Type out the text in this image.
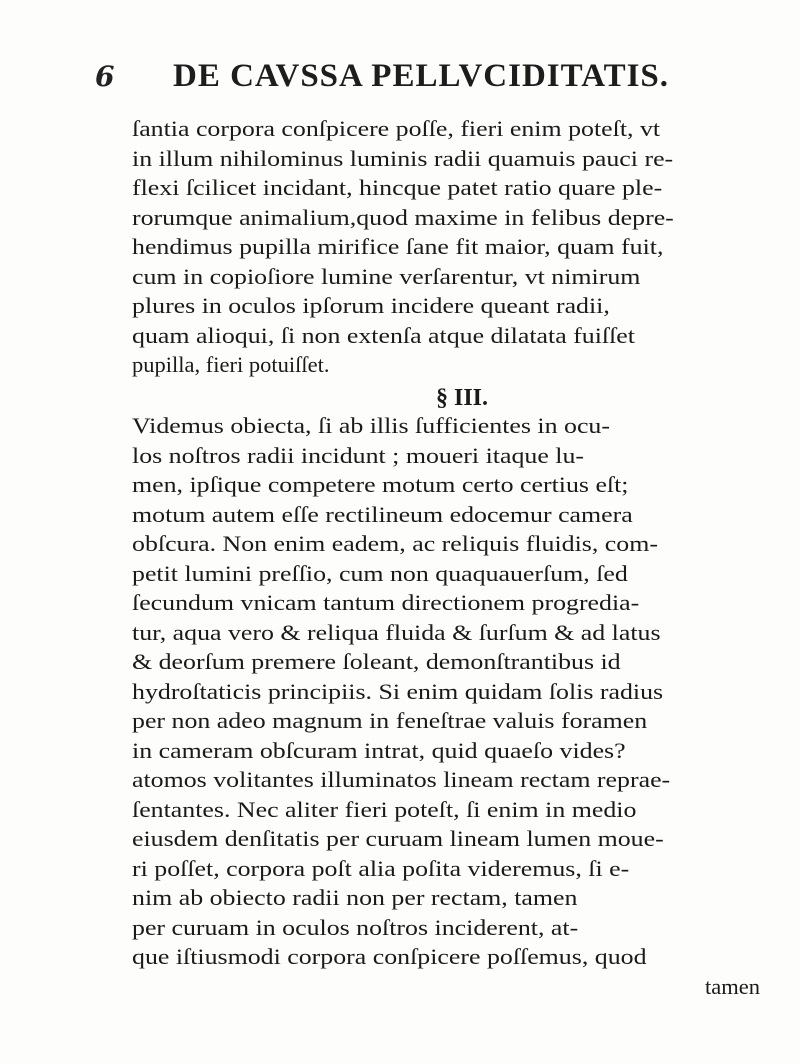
6 DE CAVSSA PELLVCIDITATIS.
ſantia corpora conſpicere poſſe, fieri enim poteſt, vt
in illum nihilominus luminis radii quamuis pauci re-
flexi ſcilicet incidant, hincque patet ratio quare ple-
rorumque animalium,quod maxime in felibus depre-
hendimus pupilla mirifice ſane fit maior, quam fuit,
cum in copioſiore lumine verſarentur, vt nimirum
plures in oculos ipſorum incidere queant radii,
quam alioqui, ſi non extenſa atque dilatata fuiſſet
pupilla, fieri potuiſſet.
§ III.
Videmus obiecta, ſi ab illis ſufficientes in ocu-
los noſtros radii incidunt ; moueri itaque lu-
men, ipſique competere motum certo certius eſt;
motum autem eſſe rectilineum edocemur camera
obſcura. Non enim eadem, ac reliquis fluidis, com-
petit lumini preſſio, cum non quaquauerſum, ſed
ſecundum vnicam tantum directionem progredia-
tur, aqua vero & reliqua fluida & ſurſum & ad latus
& deorſum premere ſoleant, demonſtrantibus id
hydroſtaticis principiis. Si enim quidam ſolis radius
per non adeo magnum in feneſtrae valuis foramen
in cameram obſcuram intrat, quid quaeſo vides?
atomos volitantes illuminatos lineam rectam reprae-
ſentantes. Nec aliter fieri poteſt, ſi enim in medio
eiusdem denſitatis per curuam lineam lumen moue-
ri poſſet, corpora poſt alia poſita videremus, ſi e-
nim ab obiecto radii non per rectam, tamen
per curuam in oculos noſtros inciderent, at-
que iſtiusmodi corpora conſpicere poſſemus, quod
tamen
